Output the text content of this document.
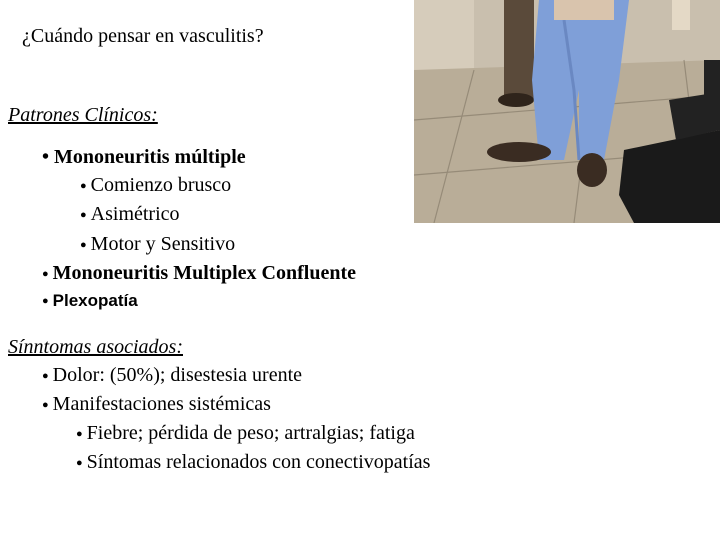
¿Cuándo pensar en vasculitis?
Patrones Clínicos:
• Mononeuritis múltiple
● Comienzo brusco
● Asimétrico
● Motor y Sensitivo
● Mononeuritis Multiplex Confluente
● Plexopatía
Sínntomas asociados:
● Dolor: (50%); disestesia urente
● Manifestaciones sistémicas
● Fiebre; pérdida de peso; artralgias; fatiga
● Síntomas relacionados con conectivopatías
